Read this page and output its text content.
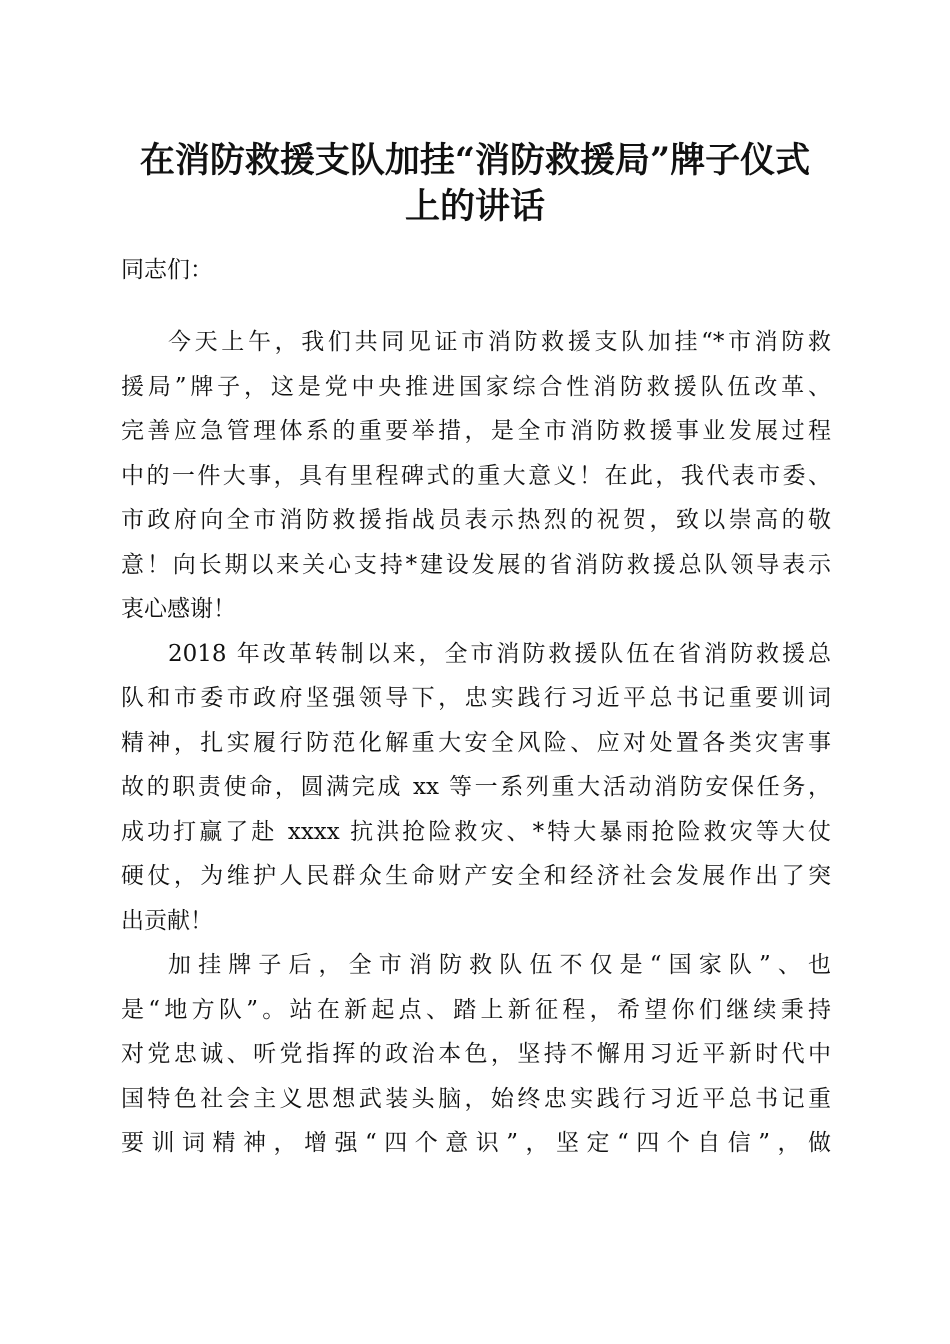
在消防救援支队加挂“消防救援局”牌子仪式
上的讲话
同志们：
今天上午，我们共同见证市消防救援支队加挂“*市消防救
援局”牌子，这是党中央推进国家综合性消防救援队伍改革、
完善应急管理体系的重要举措，是全市消防救援事业发展过程
中的一件大事，具有里程碑式的重大意义！在此，我代表市委、
市政府向全市消防救援指战员表示热烈的祝贺，致以崇高的敬
意！向长期以来关心支持*建设发展的省消防救援总队领导表示
衷心感谢！
2018 年改革转制以来，全市消防救援队伍在省消防救援总
队和市委市政府坚强领导下，忠实践行习近平总书记重要训词
精神，扎实履行防范化解重大安全风险、应对处置各类灾害事
故的职责使命，圆满完成 xx 等一系列重大活动消防安保任务，
成功打赢了赴 xxxx 抗洪抢险救灾、*特大暴雨抢险救灾等大仗
硬仗，为维护人民群众生命财产安全和经济社会发展作出了突
出贡献！
加挂牌子后，全市消防救队伍不仅是“国家队”、也
是“地方队”。站在新起点、踏上新征程，希望你们继续秉持
对党忠诚、听党指挥的政治本色，坚持不懈用习近平新时代中
国特色社会主义思想武装头脑，始终忠实践行习近平总书记重
要训词精神，增强“四个意识”，坚定“四个自信”，做
